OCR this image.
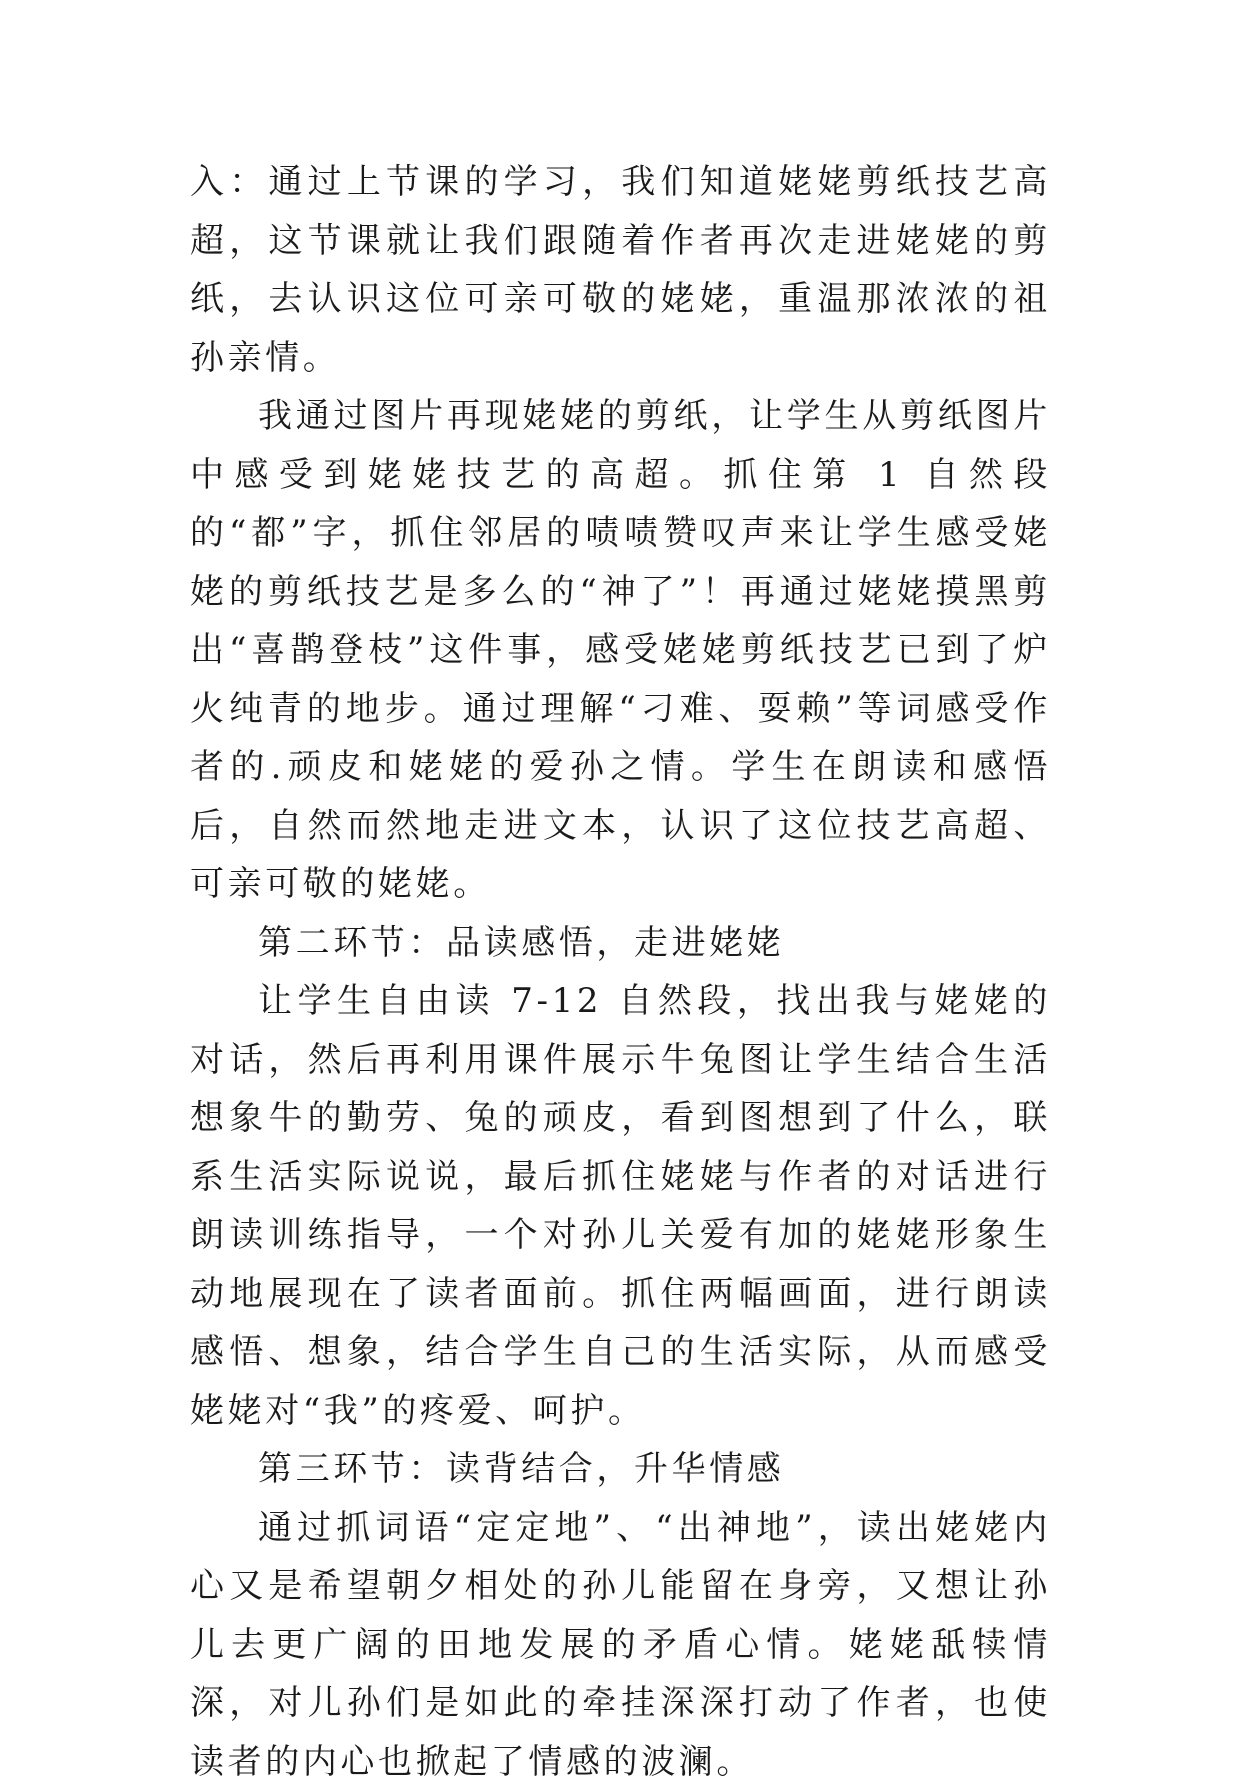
入：通过上节课的学习，我们知道姥姥剪纸技艺高超，这节课就让我们跟随着作者再次走进姥姥的剪纸，去认识这位可亲可敬的姥姥，重温那浓浓的祖孙亲情。

我通过图片再现姥姥的剪纸，让学生从剪纸图片中感受到姥姥技艺的高超。抓住第 1 自然段的“都”字，抓住邻居的啧啧赞叹声来让学生感受姥姥的剪纸技艺是多么的“神了”！再通过姥姥摸黑剪出“喜鹊登枝”这件事，感受姥姥剪纸技艺已到了炉火纯青的地步。通过理解“刁难、耍赖”等词感受作者的.顽皮和姥姥的爱孙之情。学生在朗读和感悟后，自然而然地走进文本，认识了这位技艺高超、可亲可敬的姥姥。

第二环节：品读感悟，走进姥姥

让学生自由读 7-12 自然段，找出我与姥姥的对话，然后再利用课件展示牛兔图让学生结合生活想象牛的勤劳、兔的顽皮，看到图想到了什么，联系生活实际说说，最后抓住姥姥与作者的对话进行朗读训练指导，一个对孙儿关爱有加的姥姥形象生动地展现在了读者面前。抓住两幅画面，进行朗读感悟、想象，结合学生自己的生活实际，从而感受姥姥对“我”的疼爱、呵护。

第三环节：读背结合，升华情感

通过抓词语“定定地”、“出神地”，读出姥姥内心又是希望朝夕相处的孙儿能留在身旁，又想让孙儿去更广阔的田地发展的矛盾心情。姥姥舐犊情深，对儿孙们是如此的牵挂深深打动了作者，也使读者的内心也掀起了情感的波澜。
